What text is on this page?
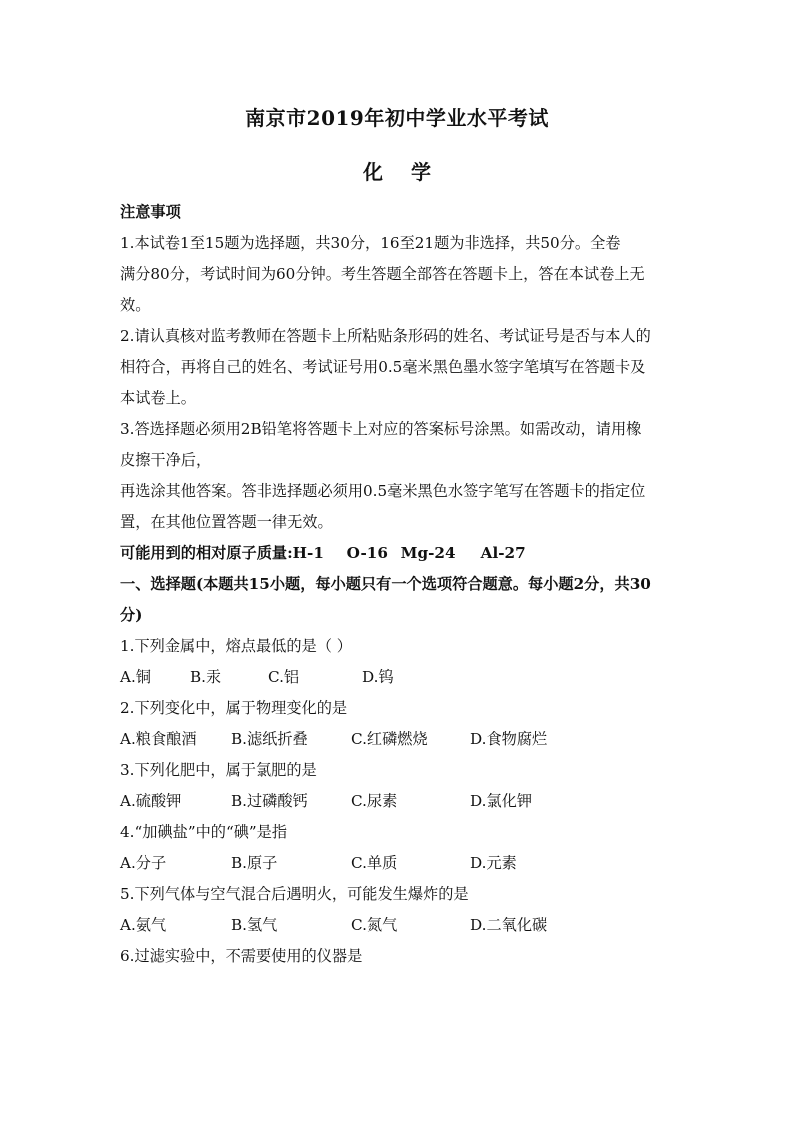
南京市2019年初中学业水平考试
化 学
注意事项
1.本试卷1至15题为选择题，共30分，16至21题为非选择，共50分。全卷
满分80分，考试时间为60分钟。考生答题全部答在答题卡上，答在本试卷上无
效。
2.请认真核对监考教师在答题卡上所粘贴条形码的姓名、考试证号是否与本人的
相符合，再将自己的姓名、考试证号用0.5毫米黑色墨水签字笔填写在答题卡及
本试卷上。
3.答选择题必须用2B铅笔将答题卡上对应的答案标号涂黑。如需改动，请用橡
皮擦干净后，
再选涂其他答案。答非选择题必须用0.5毫米黑色水签字笔写在答题卡的指定位
置，在其他位置答题一律无效。
可能用到的相对原子质量: H-1 O-16 Mg-24	Al-27
一、选择题(本题共15小题，每小题只有一个选项符合题意。每小题2分，共30
分)
1.下列金属中，熔点最低的是（ ）
A.铜	B.汞	C.铝	D.钨
2.下列变化中，属于物理变化的是
A.粮食酿酒 B.滤纸折叠	C.红磷燃烧	D.食物腐烂
3.下列化肥中，属于氯肥的是
A.硫酸钾	B.过磷酸钙	C.尿素	D.氯化钾
4.“加碘盐”中的“碘”是指
A.分子	B.原子	C.单质	D.元素
5.下列气体与空气混合后遇明火，可能发生爆炸的是
A.氨气	B.氢气	C.氮气	D.二氧化碳
6.过滤实验中，不需要使用的仪器是
